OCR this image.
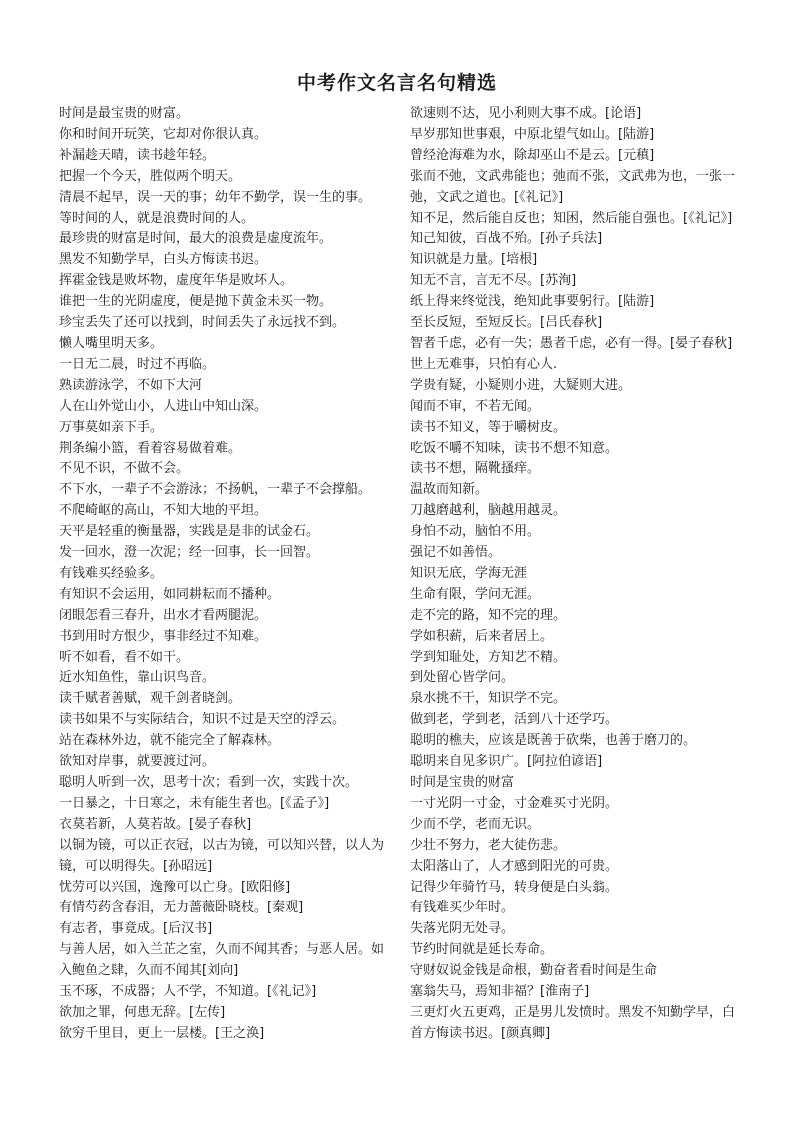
中考作文名言名句精选
时间是最宝贵的财富。
你和时间开玩笑，它却对你很认真。
补漏趁天晴，读书趁年轻。
把握一个今天，胜似两个明天。
清晨不起早，误一天的事；幼年不勤学，误一生的事。
等时间的人，就是浪费时间的人。
最珍贵的财富是时间，最大的浪费是虚度流年。
黑发不知勤学早，白头方悔读书迟。
挥霍金钱是败坏物，虚度年华是败坏人。
谁把一生的光阴虚度，便是抛下黄金未买一物。
珍宝丢失了还可以找到，时间丢失了永远找不到。
懒人嘴里明天多。
一日无二晨，时过不再临。
熟读游泳学，不如下大河
人在山外觉山小，人进山中知山深。
万事莫如亲下手。
荆条编小篮，看着容易做着难。
不见不识，不做不会。
不下水，一辈子不会游泳；不扬帆，一辈子不会撑船。
不爬崎岖的高山，不知大地的平坦。
天平是轻重的衡量器，实践是是非的试金石。
发一回水，澄一次泥；经一回事，长一回智。
有钱难买经验多。
有知识不会运用，如同耕耘而不播种。
闭眼怎看三春升，出水才看两腿泥。
书到用时方恨少，事非经过不知难。
听不如看，看不如干。
近水知鱼性，靠山识鸟音。
读千赋者善赋，观千剑者晓剑。
读书如果不与实际结合，知识不过是天空的浮云。
站在森林外边，就不能完全了解森林。
欲知对岸事，就要渡过河。
聪明人听到一次，思考十次；看到一次，实践十次。
一日暴之，十日寒之，未有能生者也。[《孟子》]
衣莫若新，人莫若故。[晏子春秋]
以铜为镜，可以正衣冠，以古为镜，可以知兴替，以人为镜，可以明得失。[孙昭远]
忧劳可以兴国，逸豫可以亡身。[欧阳修]
有情芍药含春泪，无力蔷薇卧晓枝。[秦观]
有志者，事竟成。[后汉书]
与善人居，如入兰芷之室，久而不闻其香；与恶人居。如入鲍鱼之肆，久而不闻其[刘向]
玉不琢，不成器；人不学，不知道。[《礼记》]
欲加之罪，何患无辞。[左传]
欲穷千里目，更上一层楼。[王之涣]
欲速则不达，见小利则大事不成。[论语]
早岁那知世事艰，中原北望气如山。[陆游]
曾经沧海难为水，除却巫山不是云。[元稹]
张而不弛，文武弗能也；弛而不张，文武弗为也，一张一弛，文武之道也。[《礼记》]
知不足，然后能自反也；知困，然后能自强也。[《礼记》]
知己知彼，百战不殆。[孙子兵法]
知识就是力量。[培根]
知无不言，言无不尽。[苏洵]
纸上得来终觉浅，绝知此事要躬行。[陆游]
至长反短，至短反长。[吕氏春秋]
智者千虑，必有一失；愚者千虑，必有一得。[晏子春秋]
世上无难事，只怕有心人.
学贵有疑，小疑则小进，大疑则大进。
闻而不审，不若无闻。
读书不知义，等于嚼树皮。
吃饭不嚼不知味，读书不想不知意。
读书不想，隔靴搔痒。
温故而知新。
刀越磨越利，脑越用越灵。
身怕不动，脑怕不用。
强记不如善悟。
知识无底，学海无涯
生命有限，学问无涯。
走不完的路，知不完的理。
学如积薪，后来者居上。
学到知耻处，方知艺不精。
到处留心皆学问。
泉水挑不干，知识学不完。
做到老，学到老，活到八十还学巧。
聪明的樵夫，应该是既善于砍柴，也善于磨刀的。
聪明来自见多识广。[阿拉伯谚语]
时间是宝贵的财富
一寸光阴一寸金，寸金难买寸光阴。
少而不学，老而无识。
少壮不努力，老大徒伤悲。
太阳落山了，人才感到阳光的可贵。
记得少年骑竹马，转身便是白头翁。
有钱难买少年时。
失落光阴无处寻。
节约时间就是延长寿命。
守财奴说金钱是命根，勤奋者看时间是生命
塞翁失马，焉知非福？[淮南子]
三更灯火五更鸡，正是男儿发愤时。黑发不知勤学早，白首方悔读书迟。[颜真卿]
